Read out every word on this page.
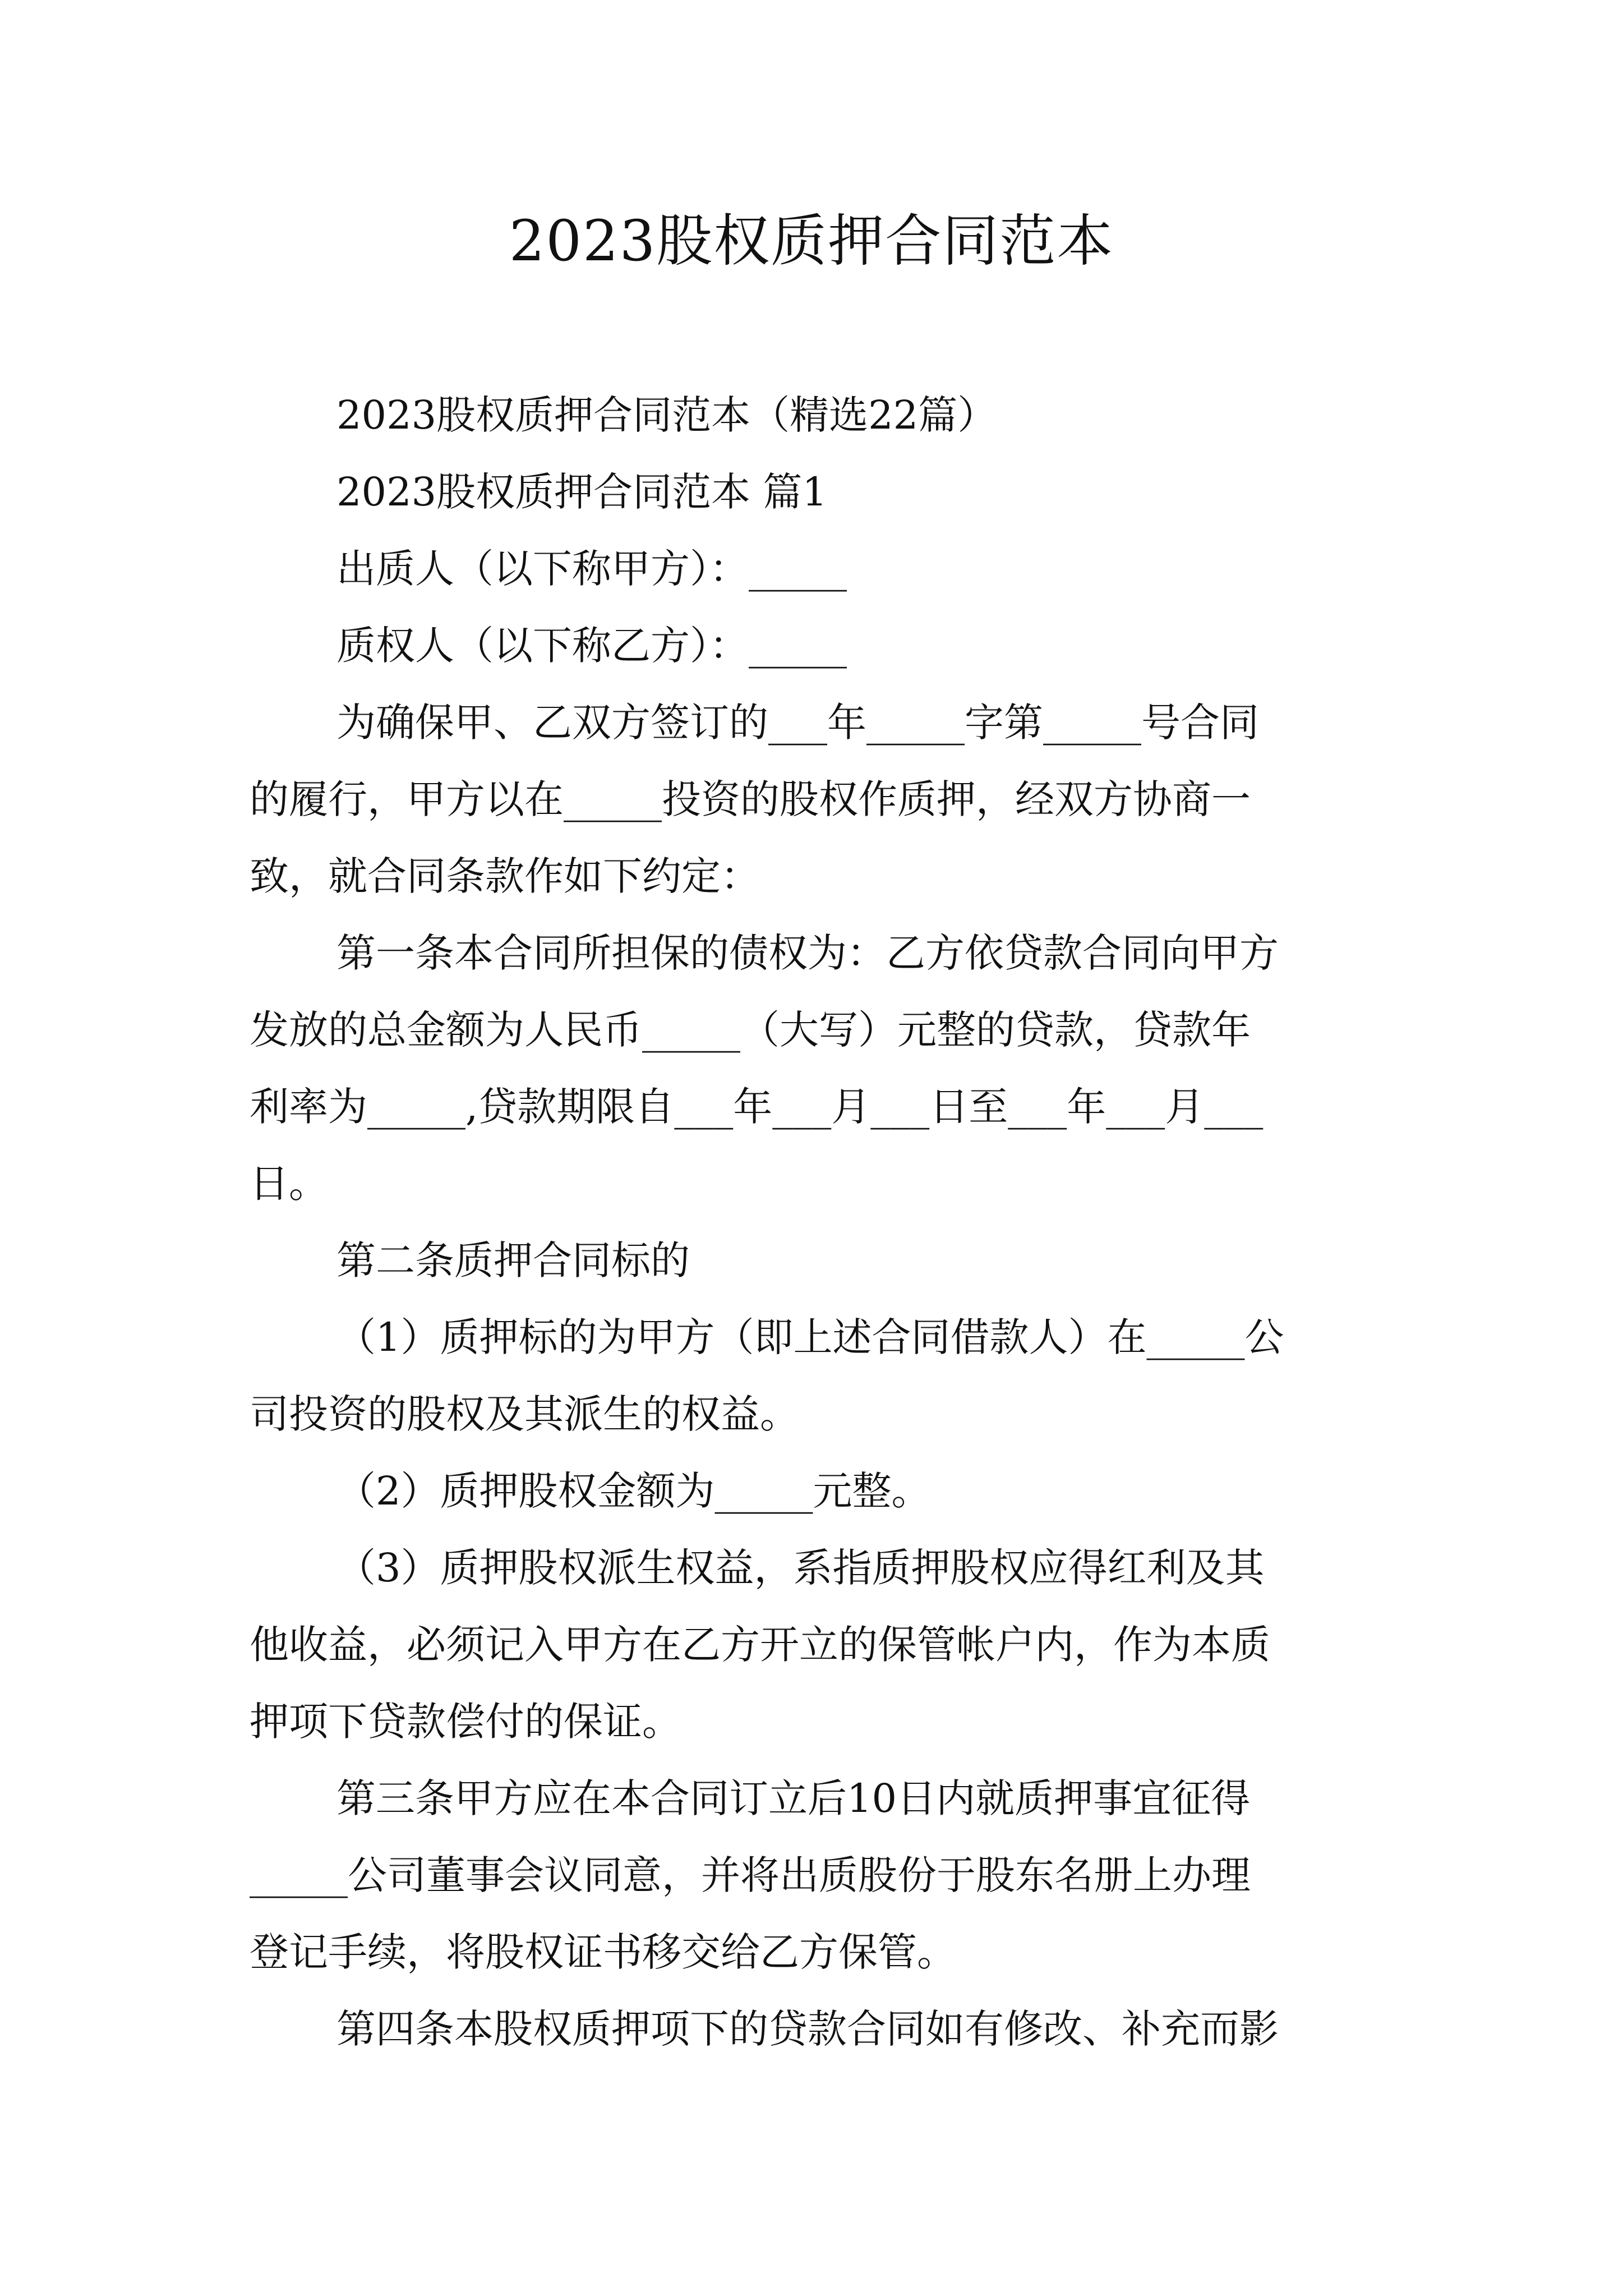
2023股权质押合同范本

2023股权质押合同范本（精选22篇）

2023股权质押合同范本 篇1

出质人（以下称甲方）：_____

质权人（以下称乙方）：_____

为确保甲、乙双方签订的___年_____字第_____号合同

的履行，甲方以在_____投资的股权作质押，经双方协商一

致，就合同条款作如下约定：

第一条本合同所担保的债权为：乙方依贷款合同向甲方

发放的总金额为人民币_____（大写）元整的贷款，贷款年

利率为_____,贷款期限自___年___月___日至___年___月___

日。

第二条质押合同标的

（1）质押标的为甲方（即上述合同借款人）在_____公

司投资的股权及其派生的权益。

（2）质押股权金额为_____元整。

（3）质押股权派生权益，系指质押股权应得红利及其

他收益，必须记入甲方在乙方开立的保管帐户内，作为本质

押项下贷款偿付的保证。

第三条甲方应在本合同订立后10日内就质押事宜征得

_____公司董事会议同意，并将出质股份于股东名册上办理

登记手续，将股权证书移交给乙方保管。

第四条本股权质押项下的贷款合同如有修改、补充而影
